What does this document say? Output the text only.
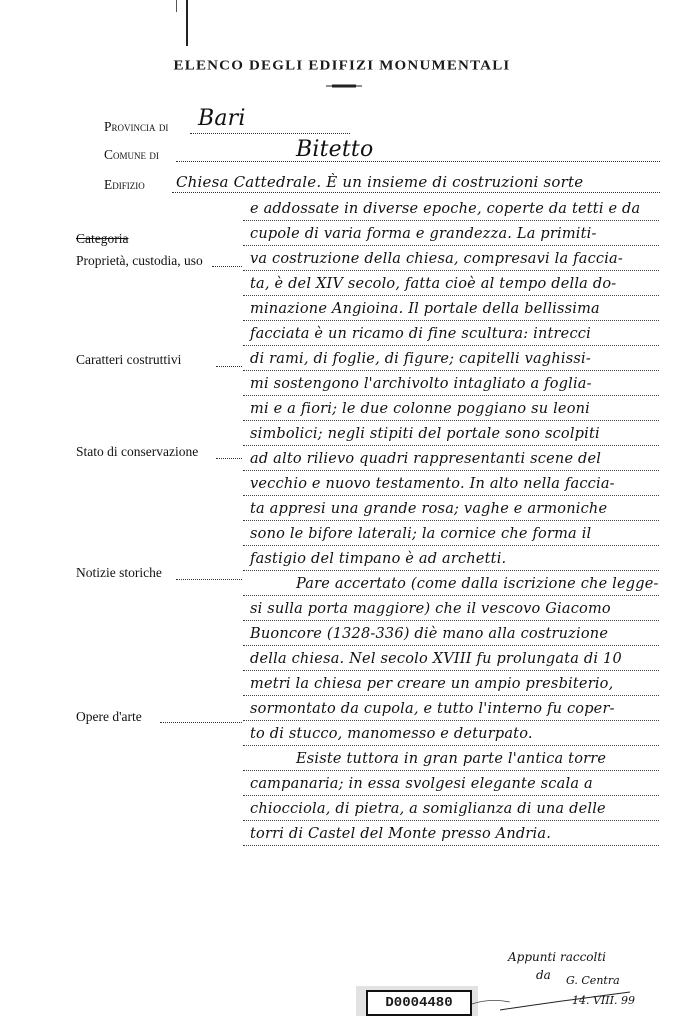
ELENCO DEGLI EDIFIZI MONUMENTALI
Provincia di Bari
Comune di	Bitetto
Edifizio
Categoria
Proprietà, custodia, uso
Caratteri costruttivi
Stato di conservazione
Notizie storiche
Opere d'arte
Chiesa Cattedrale. È un insieme di costruzioni sorte
e addossate in diverse epoche, coperte da tetti e da
cupole di varia forma e grandezza. La primiti-
va costruzione della chiesa, compresavi la faccia-
ta, è del XIV secolo, fatta cioè al tempo della do-
minazione Angioina. Il portale della bellissima
facciata è un ricamo di fine scultura: intrecci
di rami, di foglie, di figure; capitelli vaghissi-
mi sostengono l'archivolto intagliato a foglia-
mi e a fiori; le due colonne poggiano su leoni
simbolici; negli stipiti del portale sono scolpiti
ad alto rilievo quadri rappresentanti scene del
vecchio e nuovo testamento. In alto nella faccia-
ta appresi una grande rosa; vaghe e armoniche
sono le bifore laterali; la cornice che forma il
fastigio del timpano è ad archetti.
Pare accertato (come dalla iscrizione che legge-
si sulla porta maggiore) che il vescovo Giacomo
Buoncore (1328-336) diè mano alla costruzione
della chiesa. Nel secolo XVIII fu prolungata di 10
metri la chiesa per creare un ampio presbiterio,
sormontato da cupola, e tutto l'interno fu coper-
to di stucco, manomesso e deturpato.
Esiste tuttora in gran parte l'antica torre
campanaria; in essa svolgesi elegante scala a
chiocciola, di pietra, a somiglianza di una delle
torri di Castel del Monte presso Andria.
Appunti raccolti
da G. Centra
14. VIII. 99
D0004480
